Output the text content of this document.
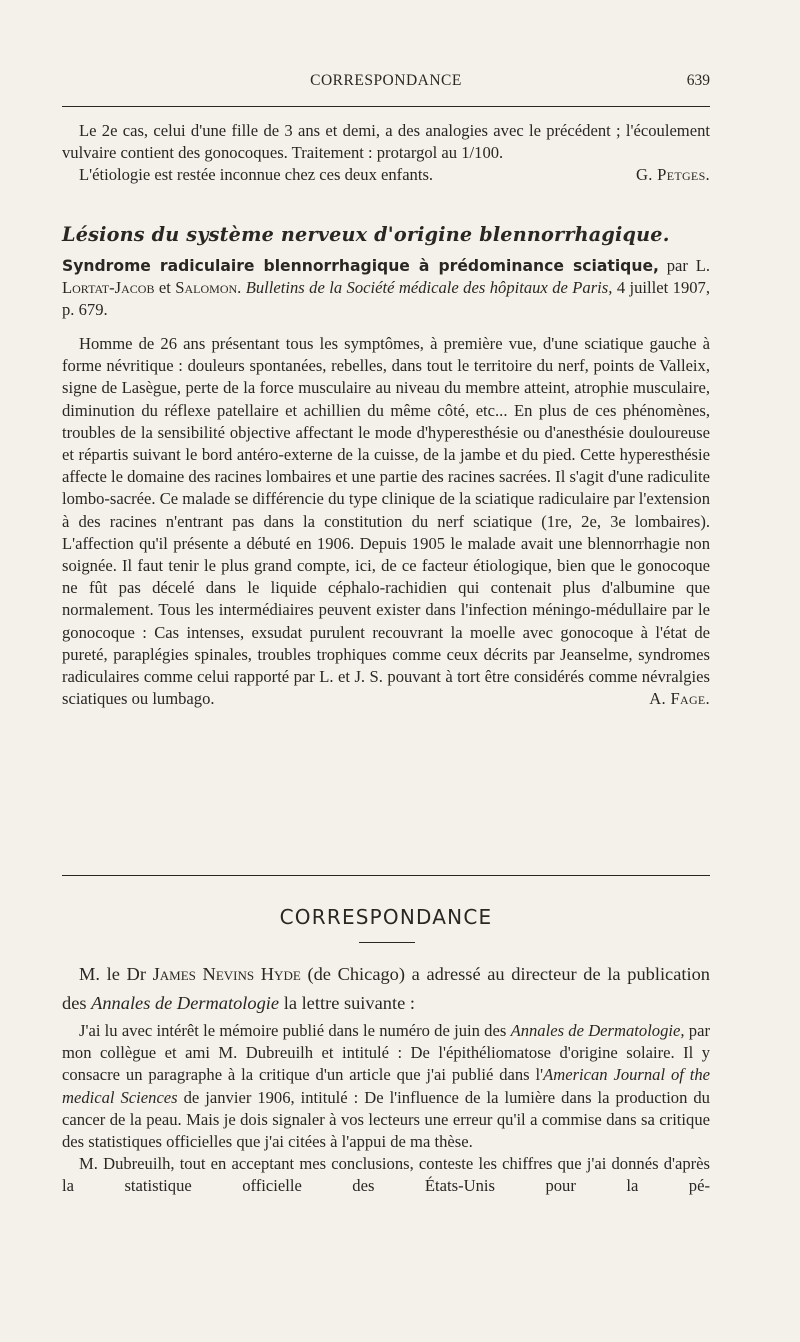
CORRESPONDANCE	639

Le 2e cas, celui d'une fille de 3 ans et demi, a des analogies avec le précédent ; l'écoulement vulvaire contient des gonocoques. Traitement : protargol au 1/100.

L'étiologie est restée inconnue chez ces deux enfants.	G. Petges.

Lésions du système nerveux d'origine blennorrhagique.

Syndrome radiculaire blennorrhagique à prédominance sciatique, par L. Lortat-Jacob et Salomon. Bulletins de la Société médicale des hôpitaux de Paris, 4 juillet 1907, p. 679.

Homme de 26 ans présentant tous les symptômes, à première vue, d'une sciatique gauche à forme névritique : douleurs spontanées, rebelles, dans tout le territoire du nerf, points de Valleix, signe de Lasègue, perte de la force musculaire au niveau du membre atteint, atrophie musculaire, diminution du réflexe patellaire et achillien du même côté, etc... En plus de ces phénomènes, troubles de la sensibilité objective affectant le mode d'hyperesthésie ou d'anesthésie douloureuse et répartis suivant le bord antéro-externe de la cuisse, de la jambe et du pied. Cette hyperesthésie affecte le domaine des racines lombaires et une partie des racines sacrées. Il s'agit d'une radiculite lombo-sacrée. Ce malade se différencie du type clinique de la sciatique radiculaire par l'extension à des racines n'entrant pas dans la constitution du nerf sciatique (1re, 2e, 3e lombaires). L'affection qu'il présente a débuté en 1906. Depuis 1905 le malade avait une blennorrhagie non soignée. Il faut tenir le plus grand compte, ici, de ce facteur étiologique, bien que le gonocoque ne fût pas décelé dans le liquide céphalo-rachidien qui contenait plus d'albumine que normalement. Tous les intermédiaires peuvent exister dans l'infection méningo-médullaire par le gonocoque : Cas intenses, exsudat purulent recouvrant la moelle avec gonocoque à l'état de pureté, paraplégies spinales, troubles trophiques comme ceux décrits par Jeanselme, syndromes radiculaires comme celui rapporté par L. et J. S. pouvant à tort être considérés comme névralgies sciatiques ou lumbago.	A. Fage.

CORRESPONDANCE

M. le Dr James Nevins Hyde (de Chicago) a adressé au directeur de la publication des Annales de Dermatologie la lettre suivante :

J'ai lu avec intérêt le mémoire publié dans le numéro de juin des Annales de Dermatologie, par mon collègue et ami M. Dubreuilh et intitulé : De l'épithéliomatose d'origine solaire. Il y consacre un paragraphe à la critique d'un article que j'ai publié dans l'American Journal of the medical Sciences de janvier 1906, intitulé : De l'influence de la lumière dans la production du cancer de la peau. Mais je dois signaler à vos lecteurs une erreur qu'il a commise dans sa critique des statistiques officielles que j'ai citées à l'appui de ma thèse.

M. Dubreuilh, tout en acceptant mes conclusions, conteste les chiffres que j'ai donnés d'après la statistique officielle des États-Unis pour la pé-
